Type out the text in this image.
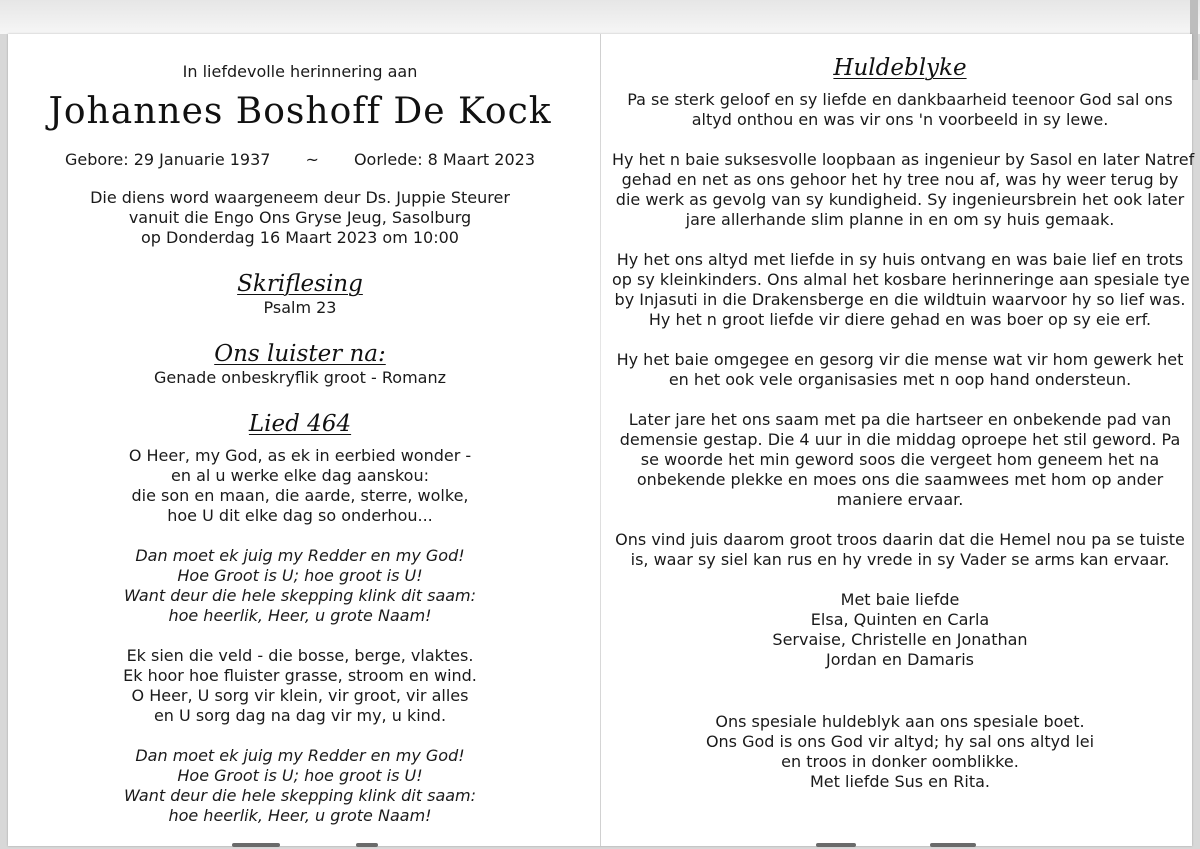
In liefdevolle herinnering aan
Johannes Boshoff De Kock
Gebore: 29 Januarie 1937 ~ Oorlede: 8 Maart 2023
Die diens word waargeneem deur Ds. Juppie Steurer
vanuit die Engo Ons Gryse Jeug, Sasolburg
op Donderdag 16 Maart 2023 om 10:00
Skriflesing
Psalm 23
Ons luister na:
Genade onbeskryflik groot - Romanz
Lied 464
O Heer, my God, as ek in eerbied wonder -
en al u werke elke dag aanskou:
die son en maan, die aarde, sterre, wolke,
hoe U dit elke dag so onderhou...
Dan moet ek juig my Redder en my God!
Hoe Groot is U; hoe groot is U!
Want deur die hele skepping klink dit saam:
hoe heerlik, Heer, u grote Naam!
Ek sien die veld - die bosse, berge, vlaktes.
Ek hoor hoe fluister grasse, stroom en wind.
O Heer, U sorg vir klein, vir groot, vir alles
en U sorg dag na dag vir my, u kind.
Dan moet ek juig my Redder en my God!
Hoe Groot is U; hoe groot is U!
Want deur die hele skepping klink dit saam:
hoe heerlik, Heer, u grote Naam!
Huldeblyke
Pa se sterk geloof en sy liefde en dankbaarheid teenoor God sal ons
altyd onthou en was vir ons 'n voorbeeld in sy lewe.
Hy het n baie suksesvolle loopbaan as ingenieur by Sasol en later Natref
gehad en net as ons gehoor het hy tree nou af, was hy weer terug by
die werk as gevolg van sy kundigheid. Sy ingenieursbrein het ook later
jare allerhande slim planne in en om sy huis gemaak.
Hy het ons altyd met liefde in sy huis ontvang en was baie lief en trots
op sy kleinkinders. Ons almal het kosbare herinneringe aan spesiale tye
by Injasuti in die Drakensberge en die wildtuin waarvoor hy so lief was.
Hy het n groot liefde vir diere gehad en was boer op sy eie erf.
Hy het baie omgegee en gesorg vir die mense wat vir hom gewerk het
en het ook vele organisasies met n oop hand ondersteun.
Later jare het ons saam met pa die hartseer en onbekende pad van
demensie gestap. Die 4 uur in die middag oproepe het stil geword. Pa
se woorde het min geword soos die vergeet hom geneem het na
onbekende plekke en moes ons die saamwees met hom op ander
maniere ervaar.
Ons vind juis daarom groot troos daarin dat die Hemel nou pa se tuiste
is, waar sy siel kan rus en hy vrede in sy Vader se arms kan ervaar.
Met baie liefde
Elsa, Quinten en Carla
Servaise, Christelle en Jonathan
Jordan en Damaris
Ons spesiale huldeblyk aan ons spesiale boet.
Ons God is ons God vir altyd; hy sal ons altyd lei
en troos in donker oomblikke.
Met liefde Sus en Rita.
